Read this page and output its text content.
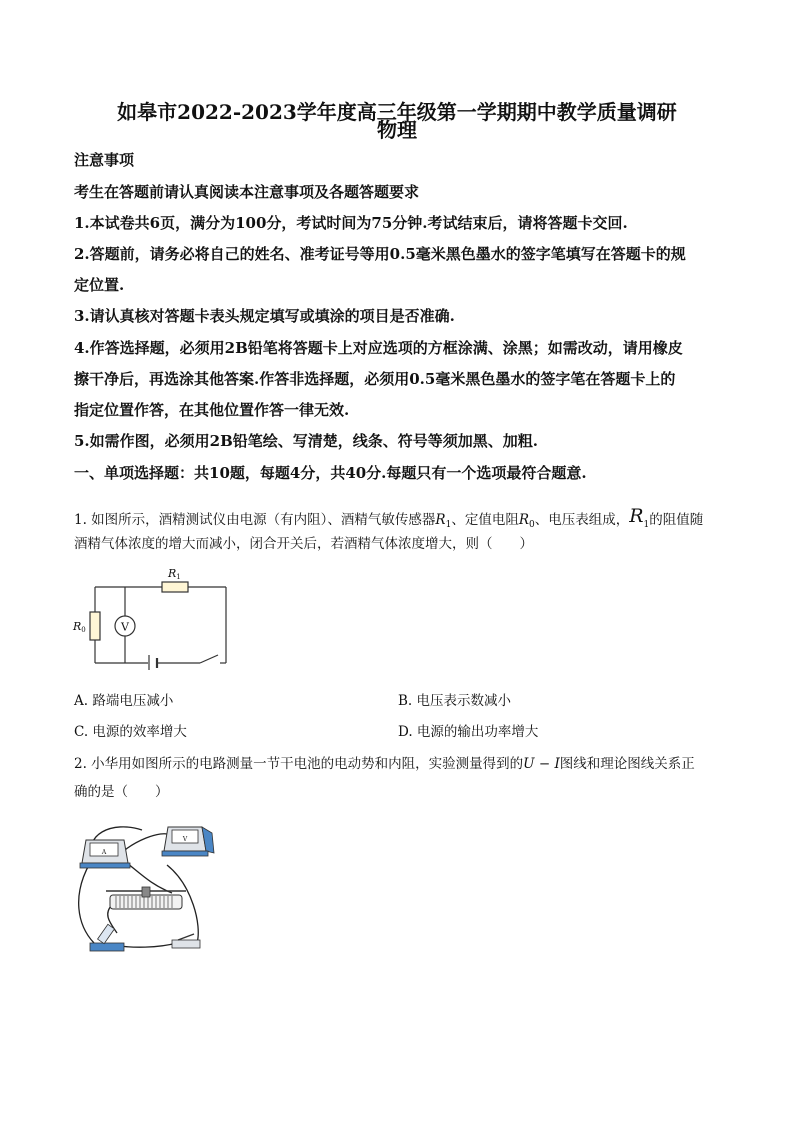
如皋市2022-2023学年度高三年级第一学期期中教学质量调研
物理
注意事项
考生在答题前请认真阅读本注意事项及各题答题要求
1.本试卷共6页，满分为100分，考试时间为75分钟.考试结束后，请将答题卡交回.
2.答题前，请务必将自己的姓名、准考证号等用0.5毫米黑色墨水的签字笔填写在答题卡的规
定位置.
3.请认真核对答题卡表头规定填写或填涂的项目是否准确.
4.作答选择题，必须用2B铅笔将答题卡上对应选项的方框涂满、涂黑；如需改动，请用橡皮
擦干净后，再选涂其他答案.作答非选择题，必须用0.5毫米黑色墨水的签字笔在答题卡上的
指定位置作答，在其他位置作答一律无效.
5.如需作图，必须用2B铅笔绘、写清楚，线条、符号等须加黑、加粗.
一、单项选择题：共10题，每题4分，共40分.每题只有一个选项最符合题意.
1. 如图所示，酒精测试仪由电源（有内阻）、酒精气敏传感器$R_1$、定值电阻$R_0$、电压表组成，$R_1$的阻值随
酒精气体浓度的增大而减小，闭合开关后，若酒精气体浓度增大，则（　　）
V
R1
R0
A. 路端电压减小	B. 电压表示数减小
C. 电源的效率增大	D. 电源的输出功率增大
2. 小华用如图所示的电路测量一节干电池的电动势和内阻，实验测量得到的U − I图线和理论图线关系正
确的是（　　）
A
V
